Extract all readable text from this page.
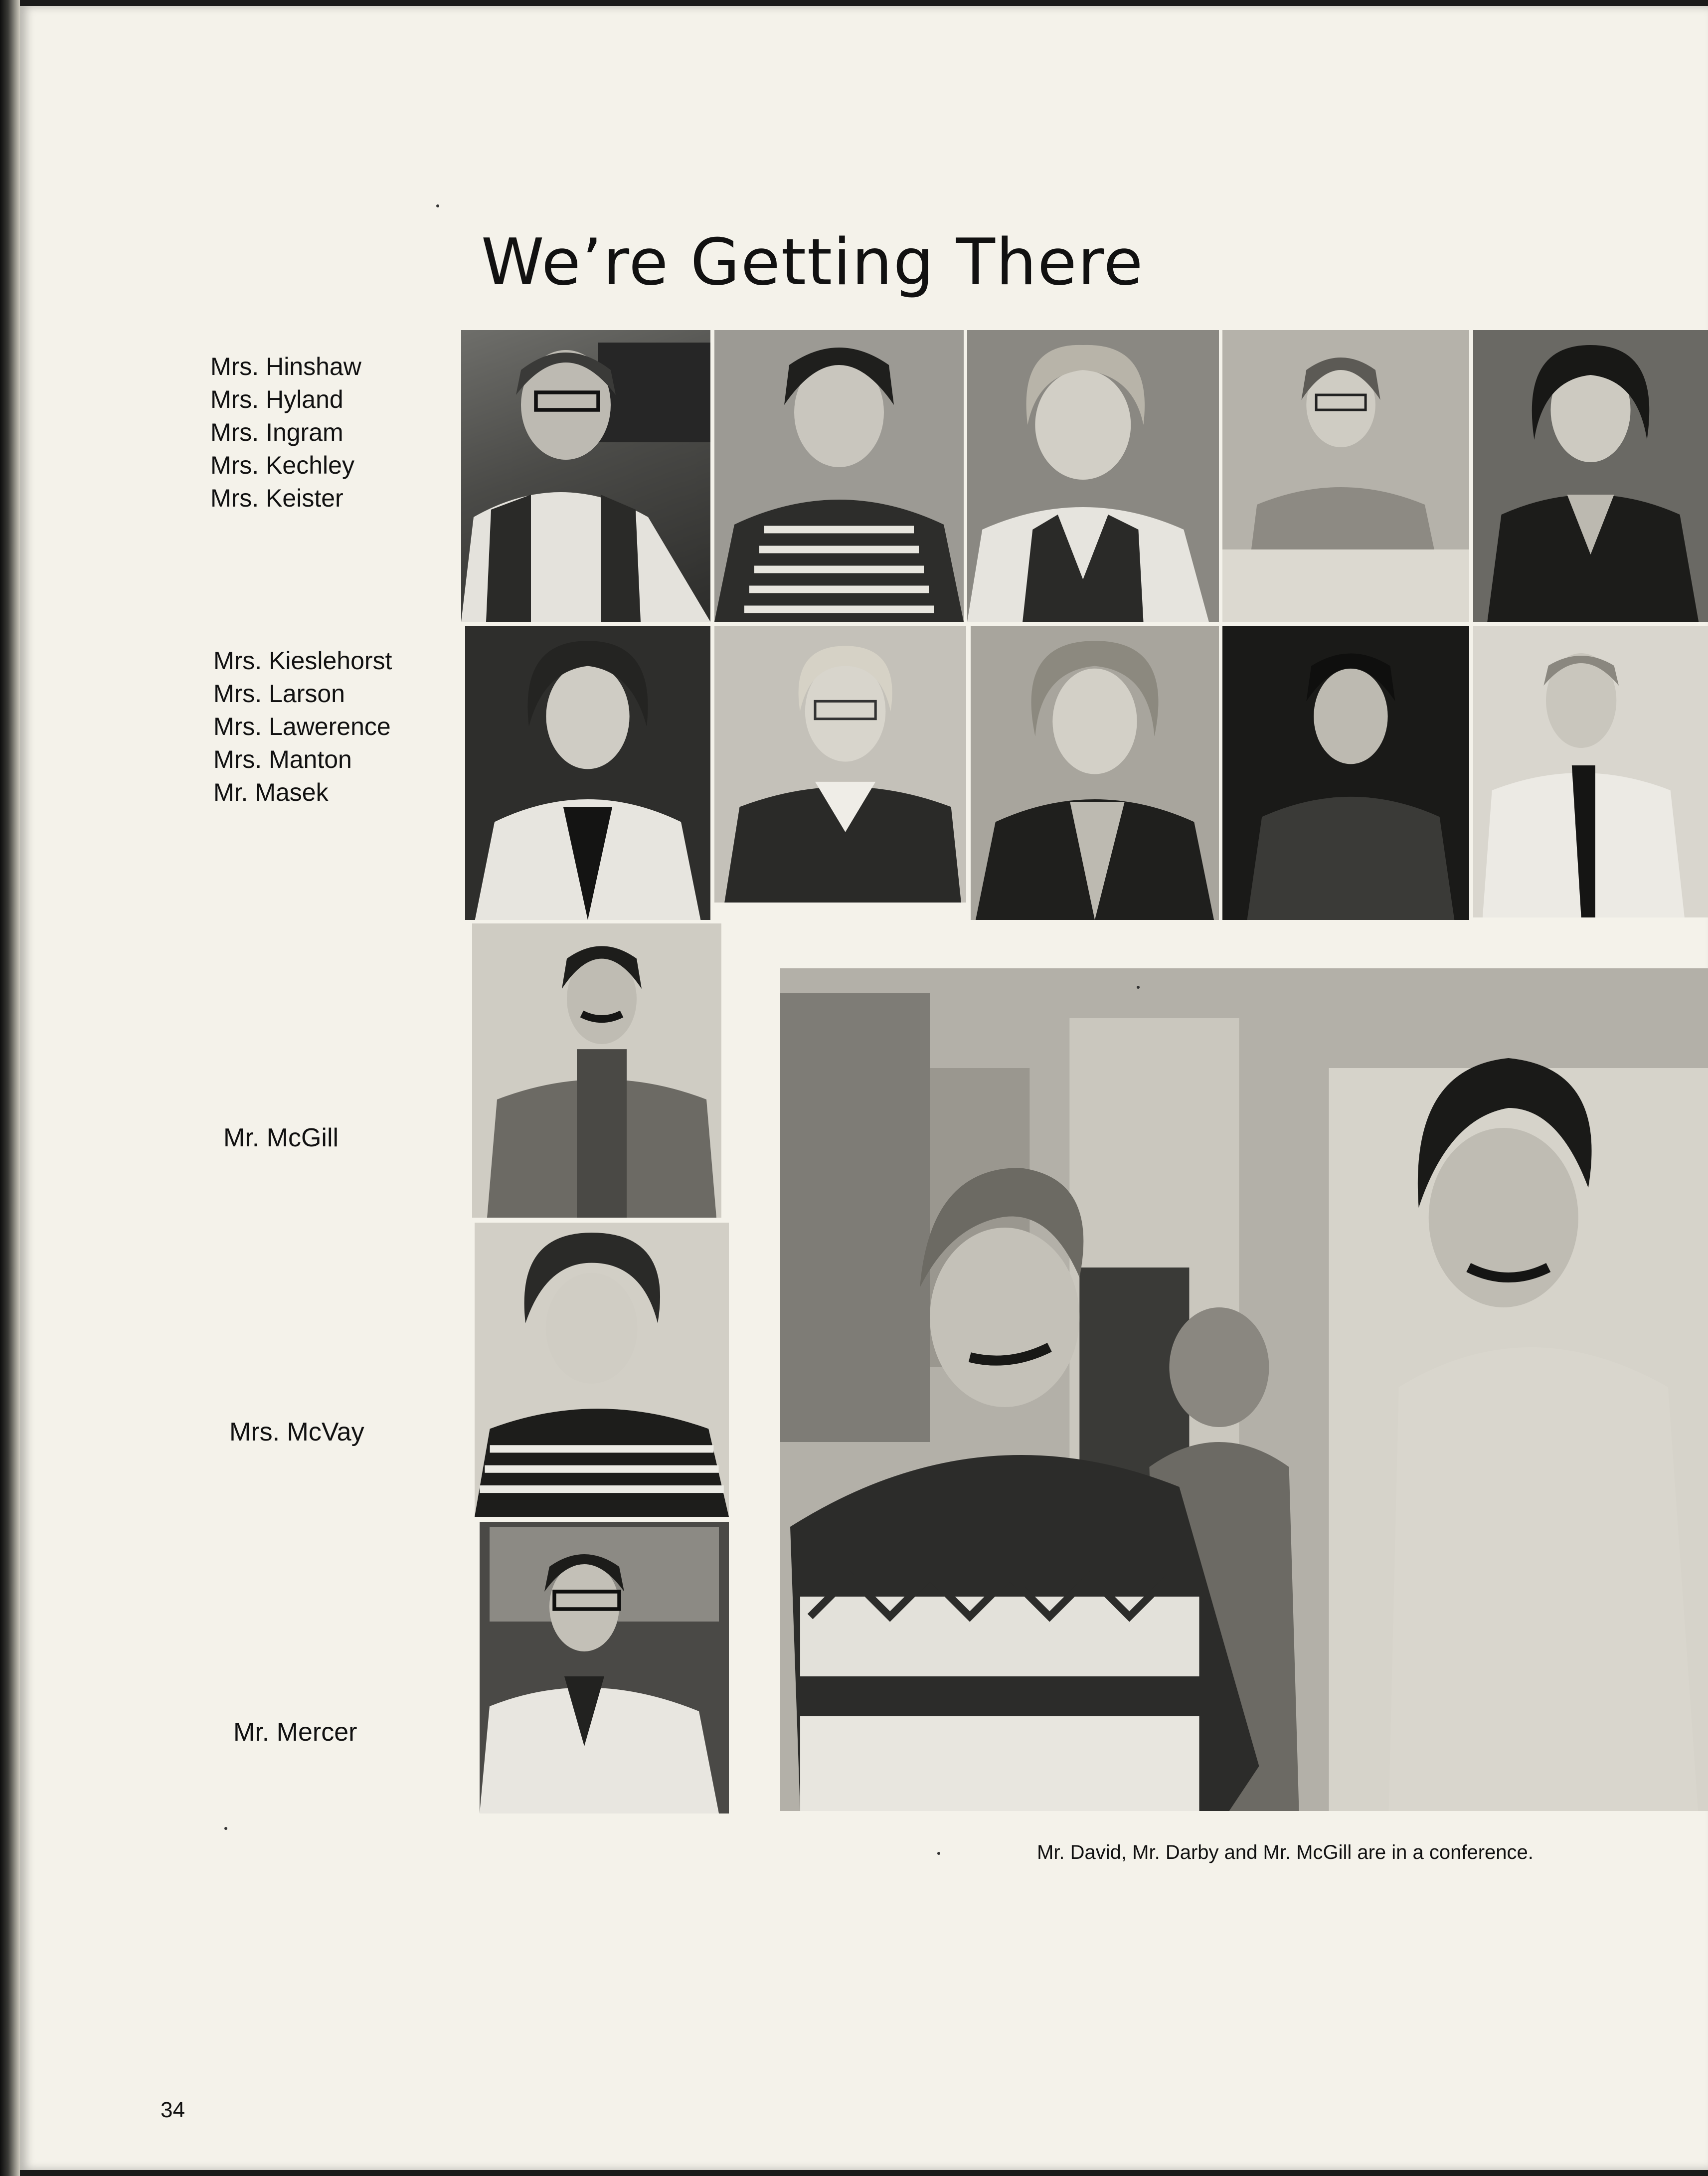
We’re Getting There
Mrs. Hinshaw
Mrs. Hyland
Mrs. Ingram
Mrs. Kechley
Mrs. Keister
Mrs. Kieslehorst
Mrs. Larson
Mrs. Lawerence
Mrs. Manton
Mr. Masek
Mr. McGill
Mrs. McVay
Mr. Mercer
Mr. David, Mr. Darby and Mr. McGill are in a conference.
34
